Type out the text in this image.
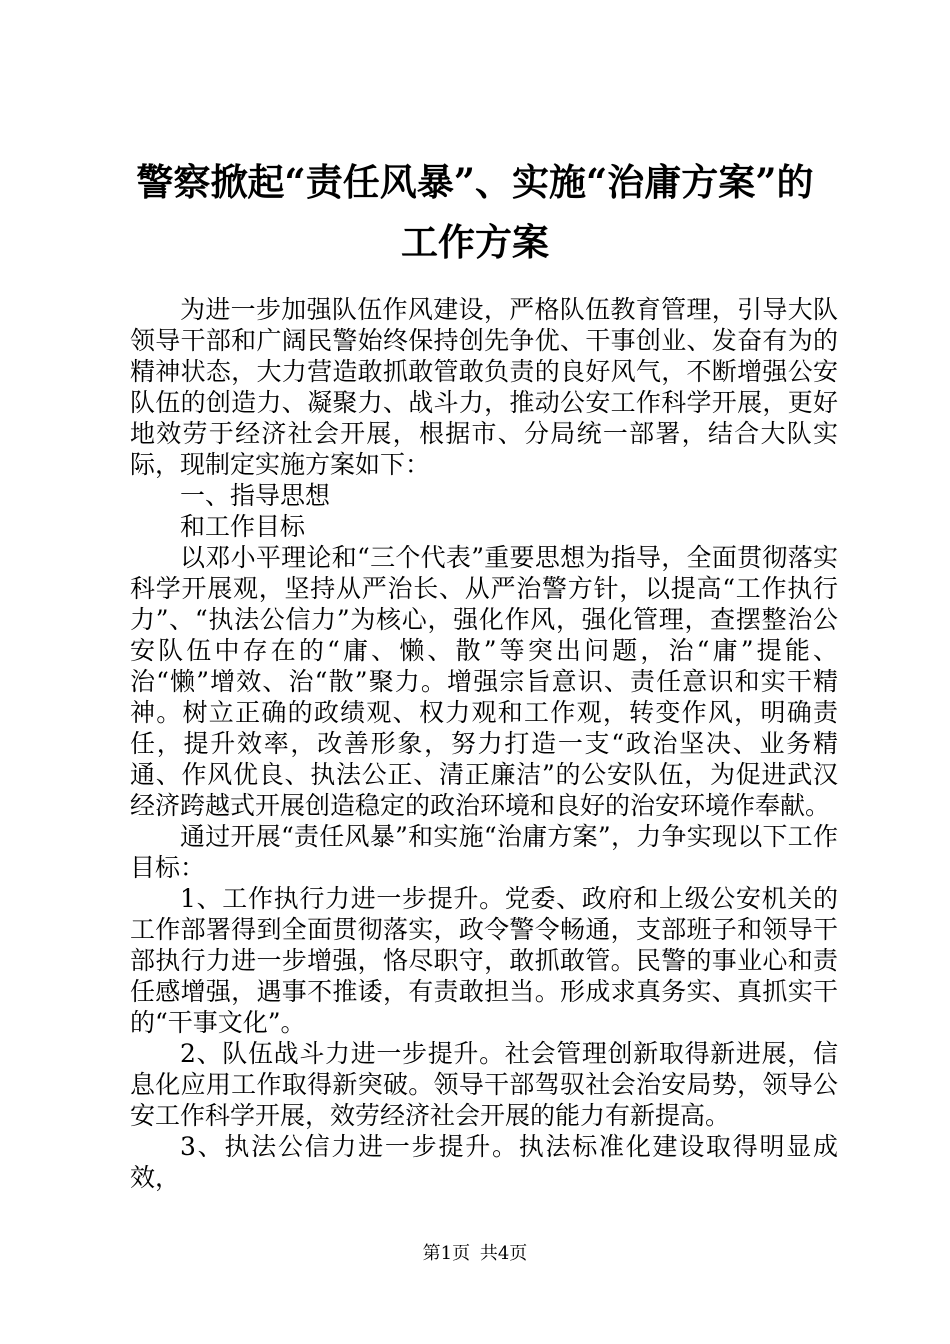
警察掀起“责任风暴”、实施“治庸方案”的
工作方案

为进一步加强队伍作风建设，严格队伍教育管理，引导大队领导干部和广阔民警始终保持创先争优、干事创业、发奋有为的精神状态，大力营造敢抓敢管敢负责的良好风气，不断增强公安队伍的创造力、凝聚力、战斗力，推动公安工作科学开展，更好地效劳于经济社会开展，根据市、分局统一部署，结合大队实际，现制定实施方案如下：

一、指导思想

和工作目标

以邓小平理论和“三个代表”重要思想为指导，全面贯彻落实科学开展观，坚持从严治长、从严治警方针，以提高“工作执行力”、“执法公信力”为核心，强化作风，强化管理，查摆整治公安队伍中存在的“庸、懒、散”等突出问题，治“庸”提能、治“懒”增效、治“散”聚力。增强宗旨意识、责任意识和实干精神。树立正确的政绩观、权力观和工作观，转变作风，明确责任，提升效率，改善形象，努力打造一支“政治坚决、业务精通、作风优良、执法公正、清正廉洁”的公安队伍，为促进武汉经济跨越式开展创造稳定的政治环境和良好的治安环境作奉献。

通过开展“责任风暴”和实施“治庸方案”，力争实现以下工作目标：

1、工作执行力进一步提升。党委、政府和上级公安机关的工作部署得到全面贯彻落实，政令警令畅通，支部班子和领导干部执行力进一步增强，恪尽职守，敢抓敢管。民警的事业心和责任感增强，遇事不推诿，有责敢担当。形成求真务实、真抓实干的“干事文化”。

2、队伍战斗力进一步提升。社会管理创新取得新进展，信息化应用工作取得新突破。领导干部驾驭社会治安局势，领导公安工作科学开展，效劳经济社会开展的能力有新提高。

3、执法公信力进一步提升。执法标准化建设取得明显成效，

第1页 共4页
